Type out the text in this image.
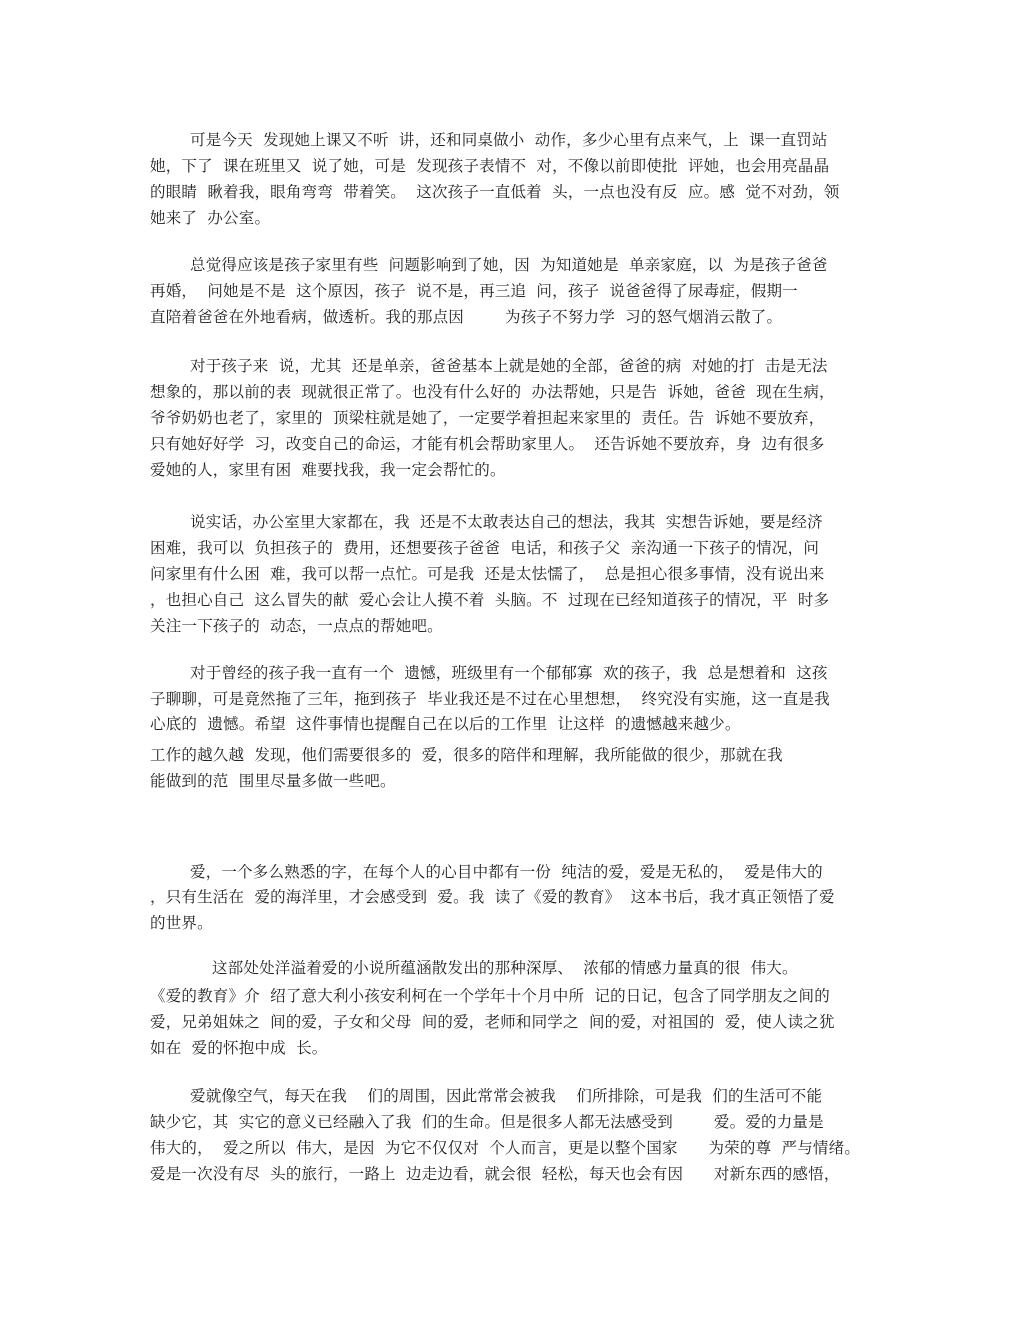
可是今天  发现她上课又不听  讲，还和同桌做小  动作，多少心里有点来气，上  课一直罚站
她，下了  课在班里又  说了她，可是  发现孩子表情不  对，不像以前即使批  评她，也会用亮晶晶
的眼睛  瞅着我，眼角弯弯  带着笑。  这次孩子一直低着  头，一点也没有反  应。感  觉不对劲，领
她来了  办公室。
总觉得应该是孩子家里有些  问题影响到了她，因  为知道她是  单亲家庭，以  为是孩子爸爸
再婚，  问她是不是  这个原因，孩子  说不是，再三追  问，孩子  说爸爸得了尿毒症，假期一
直陪着爸爸在外地看病，做透析。我的那点因        为孩子不努力学  习的怒气烟消云散了。
对于孩子来  说，尤其  还是单亲，爸爸基本上就是她的全部，爸爸的病  对她的打  击是无法
想象的，那以前的表  现就很正常了。也没有什么好的  办法帮她，只是告  诉她，爸爸  现在生病，
爷爷奶奶也老了，家里的  顶梁柱就是她了，一定要学着担起来家里的  责任。告  诉她不要放弃，
只有她好好学  习，改变自己的命运，才能有机会帮助家里人。  还告诉她不要放弃，身  边有很多
爱她的人，家里有困  难要找我，我一定会帮忙的。
说实话，办公室里大家都在，我  还是不太敢表达自己的想法，我其  实想告诉她，要是经济
困难，我可以  负担孩子的  费用，还想要孩子爸爸  电话，和孩子父  亲沟通一下孩子的情况，问
问家里有什么困  难，我可以帮一点忙。可是我  还是太怯懦了，  总是担心很多事情，没有说出来
，也担心自己  这么冒失的献  爱心会让人摸不着  头脑。不  过现在已经知道孩子的情况，平  时多
关注一下孩子的  动态，一点点的帮她吧。
对于曾经的孩子我一直有一个  遗憾，班级里有一个郁郁寡  欢的孩子，我  总是想着和  这孩
子聊聊，可是竟然拖了三年，拖到孩子  毕业我还是不过在心里想想，  终究没有实施，这一直是我
心底的  遗憾。希望  这件事情也提醒自己在以后的工作里  让这样  的遗憾越来越少。
工作的越久越  发现，他们需要很多的  爱，很多的陪伴和理解，我所能做的很少，那就在我
能做到的范  围里尽量多做一些吧。
爱，一个多么熟悉的字，在每个人的心目中都有一份  纯洁的爱，爱是无私的，  爱是伟大的
，只有生活在  爱的海洋里，才会感受到  爱。我  读了《爱的教育》  这本书后，我才真正领悟了爱
的世界。
这部处处洋溢着爱的小说所蕴涵散发出的那种深厚、  浓郁的情感力量真的很  伟大。
《爱的教育》介  绍了意大利小孩安利柯在一个学年十个月中所  记的日记，包含了同学朋友之间的
爱，兄弟姐妹之  间的爱，子女和父母  间的爱，老师和同学之  间的爱，对祖国的  爱，使人读之犹
如在  爱的怀抱中成  长。
爱就像空气，每天在我    们的周围，因此常常会被我    们所排除，可是我  们的生活可不能
缺少它，其  实它的意义已经融入了我  们的生命。但是很多人都无法感受到        爱。爱的力量是
伟大的，  爱之所以  伟大，是因  为它不仅仅对  个人而言，更是以整个国家      为荣的尊  严与情绪。
爱是一次没有尽  头的旅行，一路上  边走边看，就会很  轻松，每天也会有因      对新东西的感悟，
